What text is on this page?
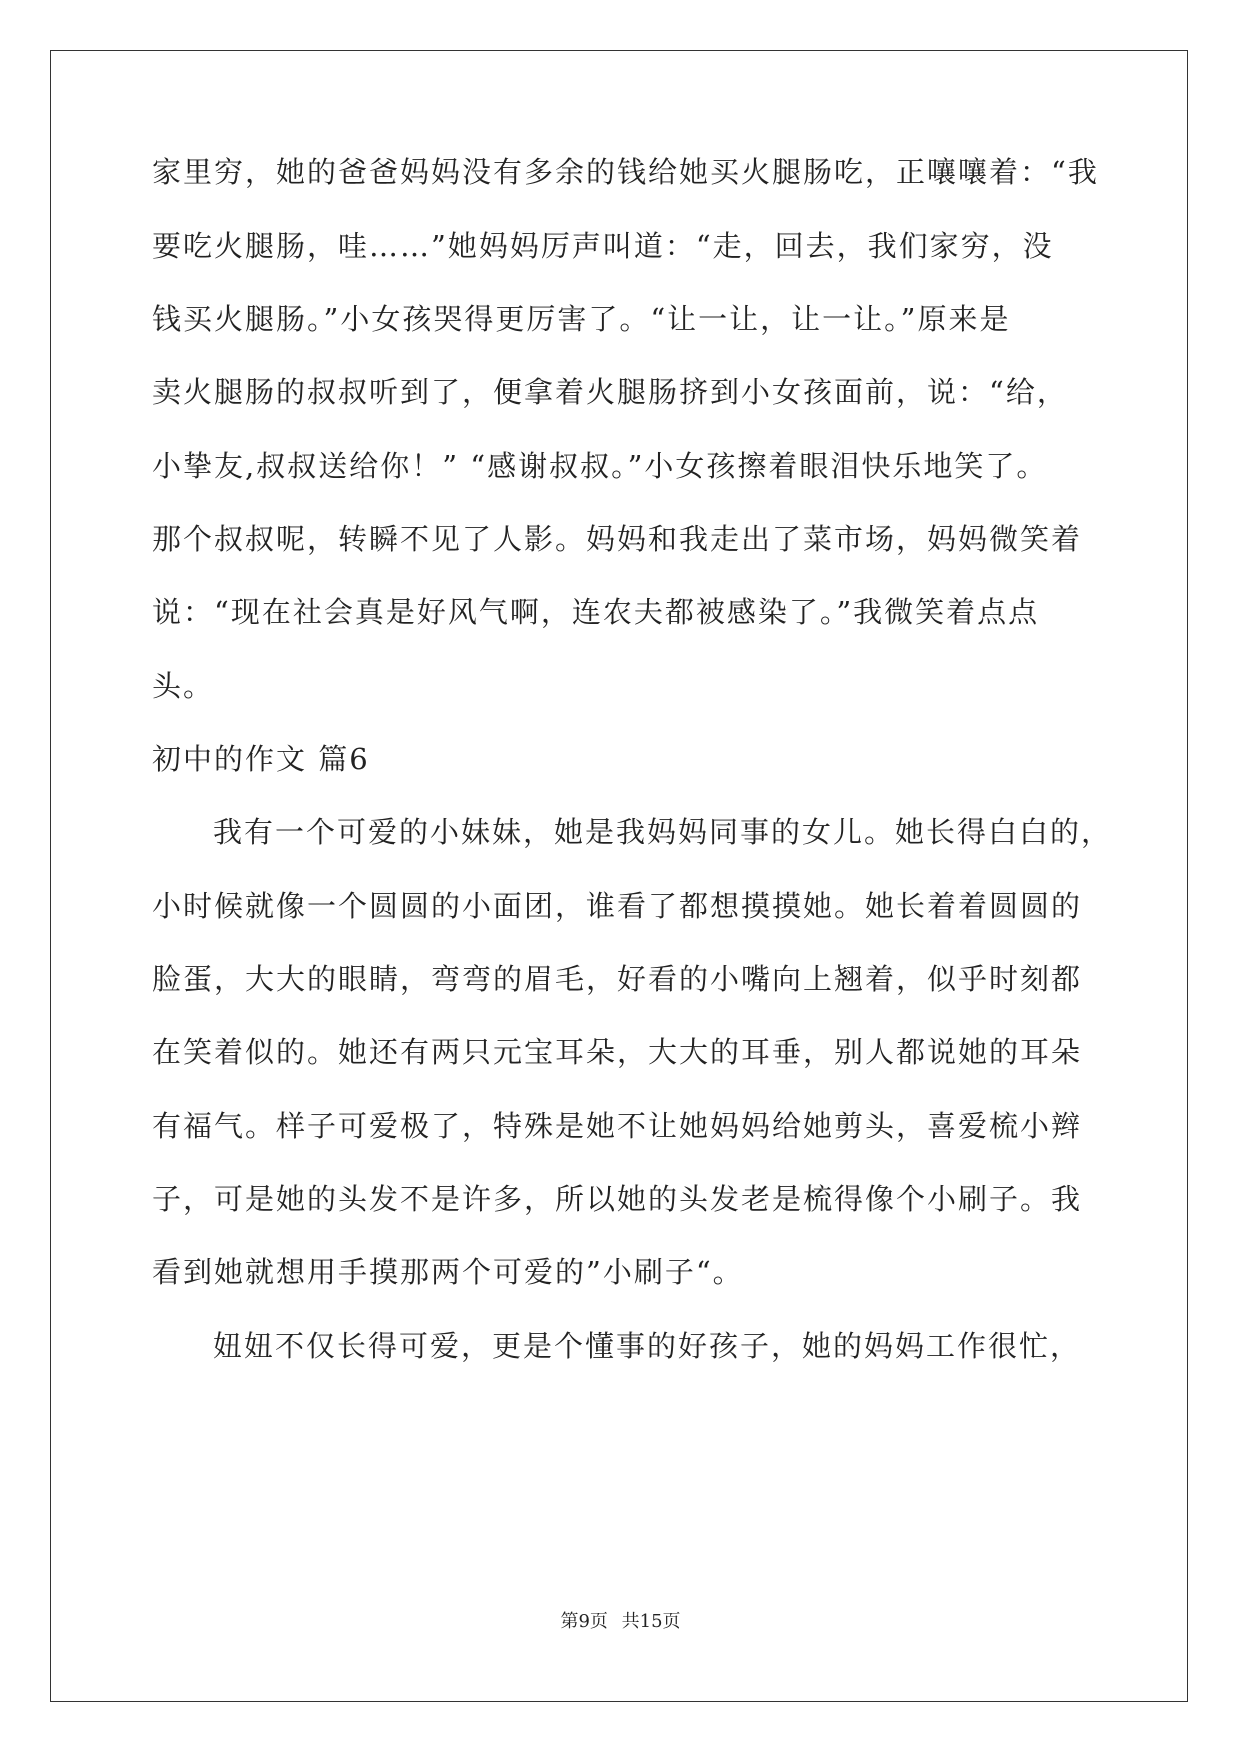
家里穷，她的爸爸妈妈没有多余的钱给她买火腿肠吃，正嚷嚷着：“我
要吃火腿肠，哇……”她妈妈厉声叫道：“走，回去，我们家穷，没
钱买火腿肠。”小女孩哭得更厉害了。“让一让，让一让。”原来是
卖火腿肠的叔叔听到了，便拿着火腿肠挤到小女孩面前，说：“给，
小挚友,叔叔送给你！” “感谢叔叔。”小女孩擦着眼泪快乐地笑了。
那个叔叔呢，转瞬不见了人影。妈妈和我走出了菜市场，妈妈微笑着
说：“现在社会真是好风气啊，连农夫都被感染了。”我微笑着点点
头。
初中的作文 篇6
我有一个可爱的小妹妹，她是我妈妈同事的女儿。她长得白白的，
小时候就像一个圆圆的小面团，谁看了都想摸摸她。她长着着圆圆的
脸蛋，大大的眼睛，弯弯的眉毛，好看的小嘴向上翘着，似乎时刻都
在笑着似的。她还有两只元宝耳朵，大大的耳垂，别人都说她的耳朵
有福气。样子可爱极了，特殊是她不让她妈妈给她剪头，喜爱梳小辫
子，可是她的头发不是许多，所以她的头发老是梳得像个小刷子。我
看到她就想用手摸那两个可爱的”小刷子“。
妞妞不仅长得可爱，更是个懂事的好孩子，她的妈妈工作很忙，
第9页 共15页
